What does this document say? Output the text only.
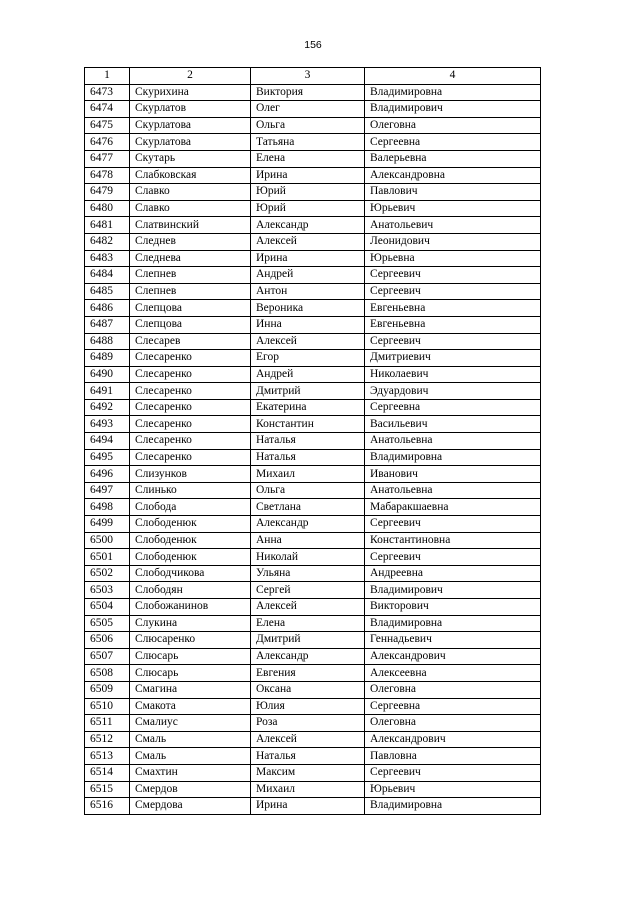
156
1	2	3	4
6473	Скурихина	Виктория	Владимировна
6474	Скурлатов	Олег	Владимирович
6475	Скурлатова	Ольга	Олеговна
6476	Скурлатова	Татьяна	Сергеевна
6477	Скутарь	Елена	Валерьевна
6478	Слабковская	Ирина	Александровна
6479	Славко	Юрий	Павлович
6480	Славко	Юрий	Юрьевич
6481	Слатвинский	Александр	Анатольевич
6482	Следнев	Алексей	Леонидович
6483	Следнева	Ирина	Юрьевна
6484	Слепнев	Андрей	Сергеевич
6485	Слепнев	Антон	Сергеевич
6486	Слепцова	Вероника	Евгеньевна
6487	Слепцова	Инна	Евгеньевна
6488	Слесарев	Алексей	Сергеевич
6489	Слесаренко	Егор	Дмитриевич
6490	Слесаренко	Андрей	Николаевич
6491	Слесаренко	Дмитрий	Эдуардович
6492	Слесаренко	Екатерина	Сергеевна
6493	Слесаренко	Константин	Васильевич
6494	Слесаренко	Наталья	Анатольевна
6495	Слесаренко	Наталья	Владимировна
6496	Слизунков	Михаил	Иванович
6497	Слинько	Ольга	Анатольевна
6498	Слобода	Светлана	Мабаракшаевна
6499	Слободенюк	Александр	Сергеевич
6500	Слободенюк	Анна	Константиновна
6501	Слободенюк	Николай	Сергеевич
6502	Слободчикова	Ульяна	Андреевна
6503	Слободян	Сергей	Владимирович
6504	Слобожанинов	Алексей	Викторович
6505	Слукина	Елена	Владимировна
6506	Слюсаренко	Дмитрий	Геннадьевич
6507	Слюсарь	Александр	Александрович
6508	Слюсарь	Евгения	Алексеевна
6509	Смагина	Оксана	Олеговна
6510	Смакота	Юлия	Сергеевна
6511	Смалиус	Роза	Олеговна
6512	Смаль	Алексей	Александрович
6513	Смаль	Наталья	Павловна
6514	Смахтин	Максим	Сергеевич
6515	Смердов	Михаил	Юрьевич
6516	Смердова	Ирина	Владимировна
